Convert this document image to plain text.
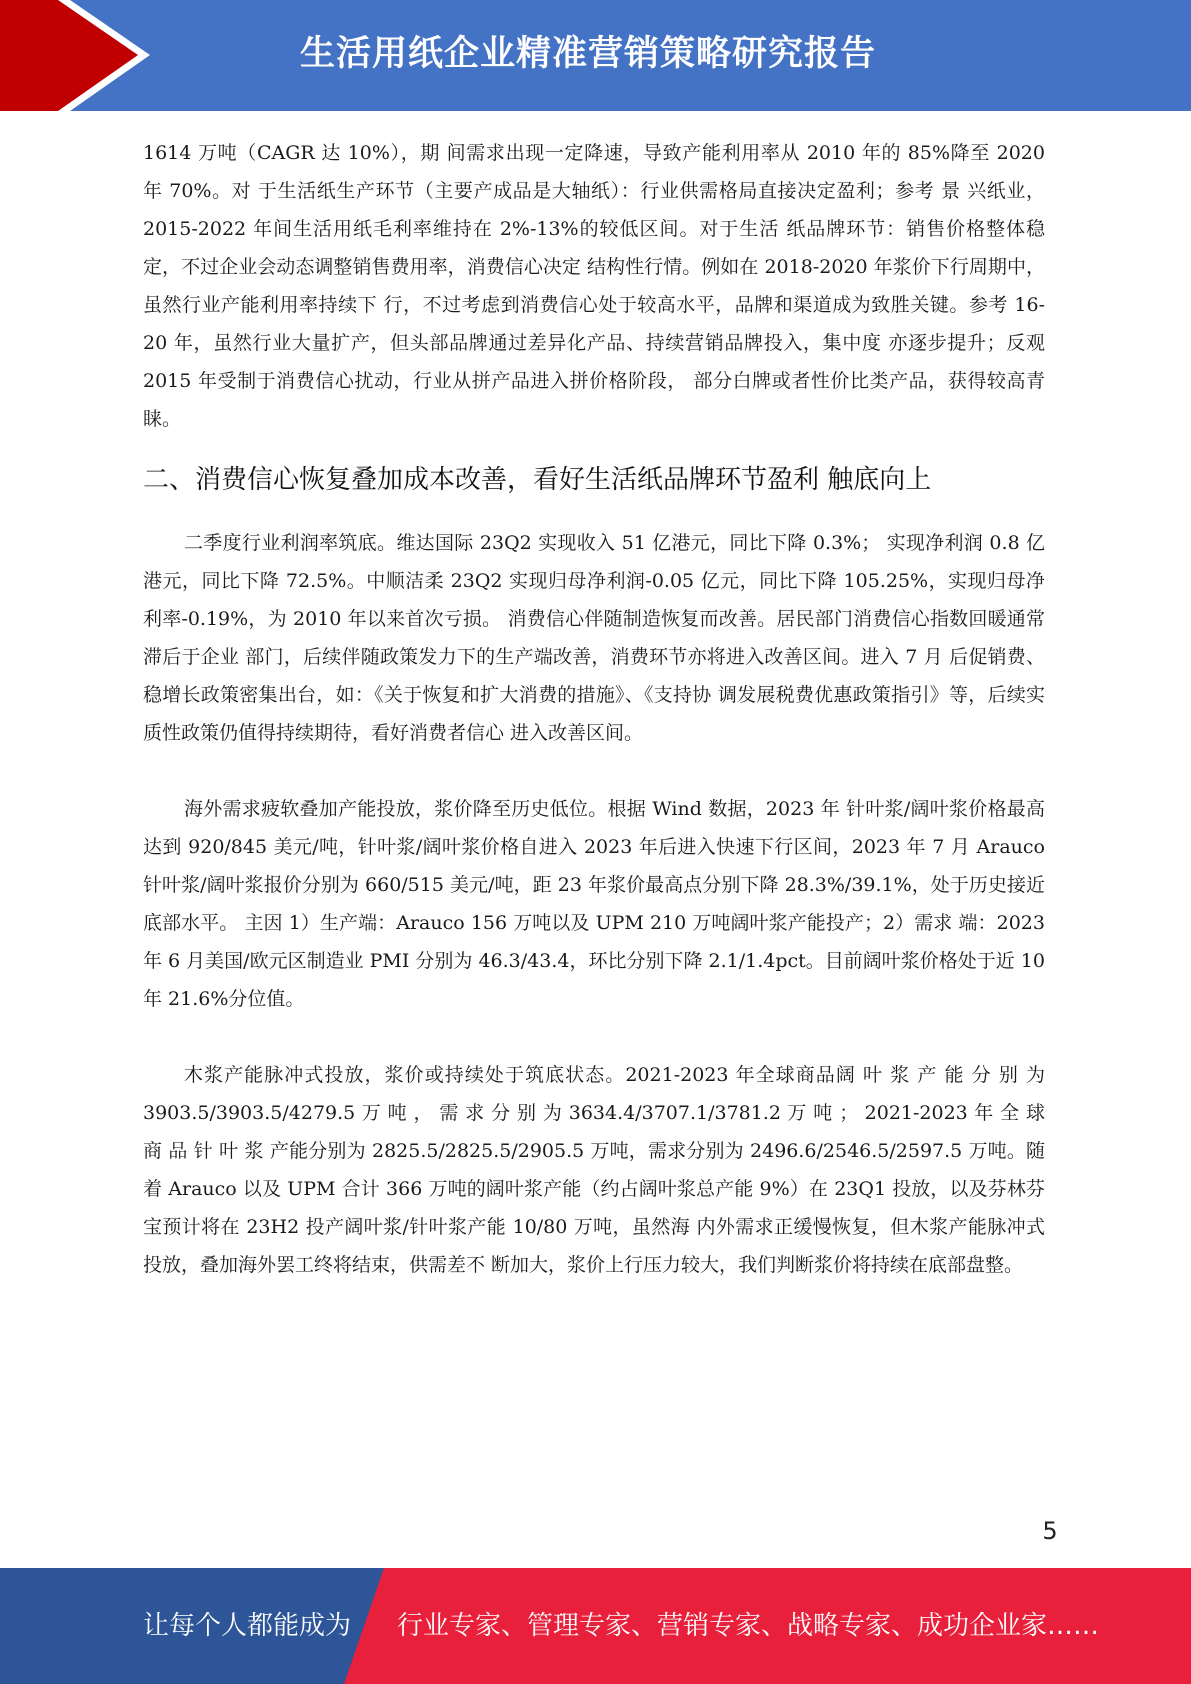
生活用纸企业精准营销策略研究报告

1614 万吨（CAGR 达 10%），期 间需求出现一定降速，导致产能利用率从 2010 年的 85%降至 2020 年 70%。对 于生活纸生产环节（主要产成品是大轴纸）：行业供需格局直接决定盈利；参考 景 兴纸业，2015-2022 年间生活用纸毛利率维持在 2%-13%的较低区间。对于生活 纸品牌环节：销售价格整体稳定，不过企业会动态调整销售费用率，消费信心决定 结构性行情。例如在 2018-2020 年浆价下行周期中，虽然行业产能利用率持续下 行，不过考虑到消费信心处于较高水平，品牌和渠道成为致胜关键。参考 16-20 年，虽然行业大量扩产，但头部品牌通过差异化产品、持续营销品牌投入，集中度 亦逐步提升；反观 2015 年受制于消费信心扰动，行业从拼产品进入拼价格阶段， 部分白牌或者性价比类产品，获得较高青睐。

二、消费信心恢复叠加成本改善，看好生活纸品牌环节盈利 触底向上

二季度行业利润率筑底。维达国际 23Q2 实现收入 51 亿港元，同比下降 0.3%； 实现净利润 0.8 亿港元，同比下降 72.5%。中顺洁柔 23Q2 实现归母净利润-0.05 亿元，同比下降 105.25%，实现归母净利率-0.19%，为 2010 年以来首次亏损。 消费信心伴随制造恢复而改善。居民部门消费信心指数回暖通常滞后于企业 部门，后续伴随政策发力下的生产端改善，消费环节亦将进入改善区间。进入 7 月 后促销费、稳增长政策密集出台，如：《关于恢复和扩大消费的措施》、《支持协 调发展税费优惠政策指引》等，后续实质性政策仍值得持续期待，看好消费者信心 进入改善区间。

海外需求疲软叠加产能投放，浆价降至历史低位。根据 Wind 数据，2023 年 针叶浆/阔叶浆价格最高达到 920/845 美元/吨，针叶浆/阔叶浆价格自进入 2023 年后进入快速下行区间，2023 年 7 月 Arauco 针叶浆/阔叶浆报价分别为 660/515 美元/吨，距 23 年浆价最高点分别下降 28.3%/39.1%，处于历史接近底部水平。 主因 1）生产端：Arauco 156 万吨以及 UPM 210 万吨阔叶浆产能投产；2）需求 端：2023 年 6 月美国/欧元区制造业 PMI 分别为 46.3/43.4，环比分别下降 2.1/1.4pct。目前阔叶浆价格处于近 10 年 21.6%分位值。

木浆产能脉冲式投放，浆价或持续处于筑底状态。2021-2023 年全球商品阔 叶 浆 产 能 分 别 为 3903.5/3903.5/4279.5 万 吨 ， 需 求 分 别 为 3634.4/3707.1/3781.2 万 吨 ； 2021-2023 年 全 球 商 品 针 叶 浆 产能分别为 2825.5/2825.5/2905.5 万吨，需求分别为 2496.6/2546.5/2597.5 万吨。随着 Arauco 以及 UPM 合计 366 万吨的阔叶浆产能（约占阔叶浆总产能 9%）在 23Q1 投放，以及芬林芬宝预计将在 23H2 投产阔叶浆/针叶浆产能 10/80 万吨，虽然海 内外需求正缓慢恢复，但木浆产能脉冲式投放，叠加海外罢工终将结束，供需差不 断加大，浆价上行压力较大，我们判断浆价将持续在底部盘整。

5
让每个人都能成为 行业专家、管理专家、营销专家、战略专家、成功企业家……
